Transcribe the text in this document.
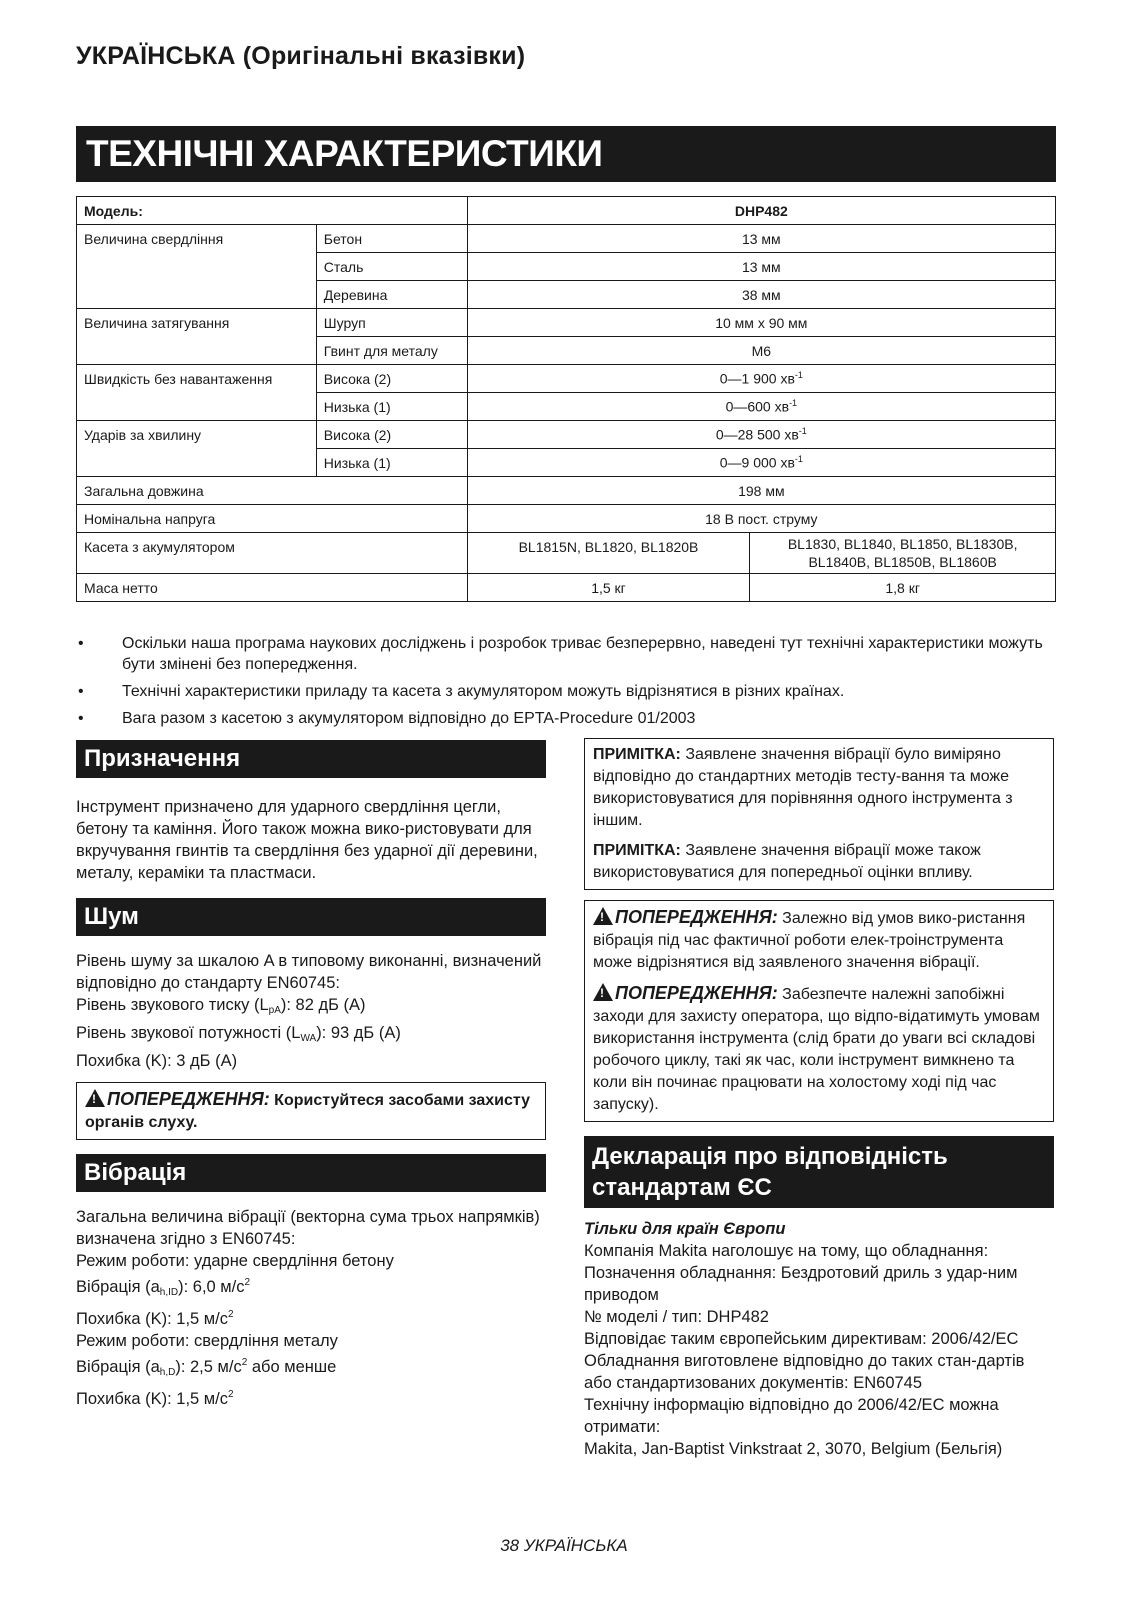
УКРАЇНСЬКА (Оригінальні вказівки)
ТЕХНІЧНІ ХАРАКТЕРИСТИКИ
Модель:		DHP482	
Величина свердління	Бетон	13 мм	
	Сталь	13 мм	
	Деревина	38 мм	
Величина затягування	Шуруп	10 мм x 90 мм	
	Гвинт для металу	M6	
Швидкість без навантаження	Висока (2)	0—1 900 $хв^{-1}$
	Низька (1)	0—600 $хв^{-1}$
Ударів за хвилину	Висока (2)	0—28 500 $хв^{-1}$
	Низька (1)	0—9 000 $хв^{-1}$
Загальна довжина		198 мм	
Номінальна напруга		18 В пост. струму	
Касета з акумулятором		BL1815N, BL1820, BL1820B	BL1830, BL1840, BL1850, BL1830B, BL1840B, BL1850B, BL1860B
Маса нетто		1,5 кг	1,8 кг
• Оскільки наша програма наукових досліджень і розробок триває безперервно, наведені тут технічні характеристики можуть бути змінені без попередження.
• Технічні характеристики приладу та касета з акумулятором можуть відрізнятися в різних країнах.
• Вага разом з касетою з акумулятором відповідно до EPTA-Procedure 01/2003
Призначення

Інструмент призначено для ударного свердління цегли, бетону та каміння. Його також можна вико-ристовувати для вкручування гвинтів та свердління без ударної дії деревини, металу, кераміки та пластмаси.

Шум

Рівень шуму за шкалою A в типовому виконанні, визначений відповідно до стандарту EN60745:

Рівень звукового тиску $(L_{pA})$: 82 дБ (A)

Рівень звукової потужності $(L_{WA})$: 93 дБ (A)

Похибка (K): 3 дБ (A)

!ПОПЕРЕДЖЕННЯ: Користуйтеся засобами захисту органів слуху.
Вібрація

Загальна величина вібрації (векторна сума трьох напрямків) визначена згідно з EN60745:

Режим роботи: ударне свердління бетону

Вібрація $(a_{h,ID})$: 6,0 $м/с^2$

Похибка (K): 1,5 $м/с^2$

Режим роботи: свердління металу

Вібрація $(a_{h,D})$: 2,5 $м/с^2$ або менше

Похибка (K): 1,5 $м/с^2$

ПРИМІТКА: Заявлене значення вібрації було виміряно відповідно до стандартних методів тесту-вання та може використовуватися для порівняння одного інструмента з іншим.

ПРИМІТКА: Заявлене значення вібрації може також використовуватися для попередньої оцінки впливу.

!ПОПЕРЕДЖЕННЯ: Залежно від умов вико-ристання вібрація під час фактичної роботи елек-троінструмента може відрізнятися від заявленого значення вібрації.

!ПОПЕРЕДЖЕННЯ: Забезпечте належні запобіжні заходи для захисту оператора, що відпо-відатимуть умовам використання інструмента (слід брати до уваги всі складові робочого циклу, такі як час, коли інструмент вимкнено та коли він починає працювати на холостому ході під час запуску).

Декларація про відповідність стандартам ЄС

Тільки для країн Європи

Компанія Makita наголошує на тому, що обладнання:

Позначення обладнання: Бездротовий дриль з удар-ним приводом

№ моделі / тип: DHP482

Відповідає таким європейським директивам: 2006/42/EC

Обладнання виготовлене відповідно до таких стан-дартів або стандартизованих документів: EN60745

Технічну інформацію відповідно до 2006/42/EC можна отримати:

Makita, Jan-Baptist Vinkstraat 2, 3070, Belgium (Бельгія)

38 УКРАЇНСЬКА
